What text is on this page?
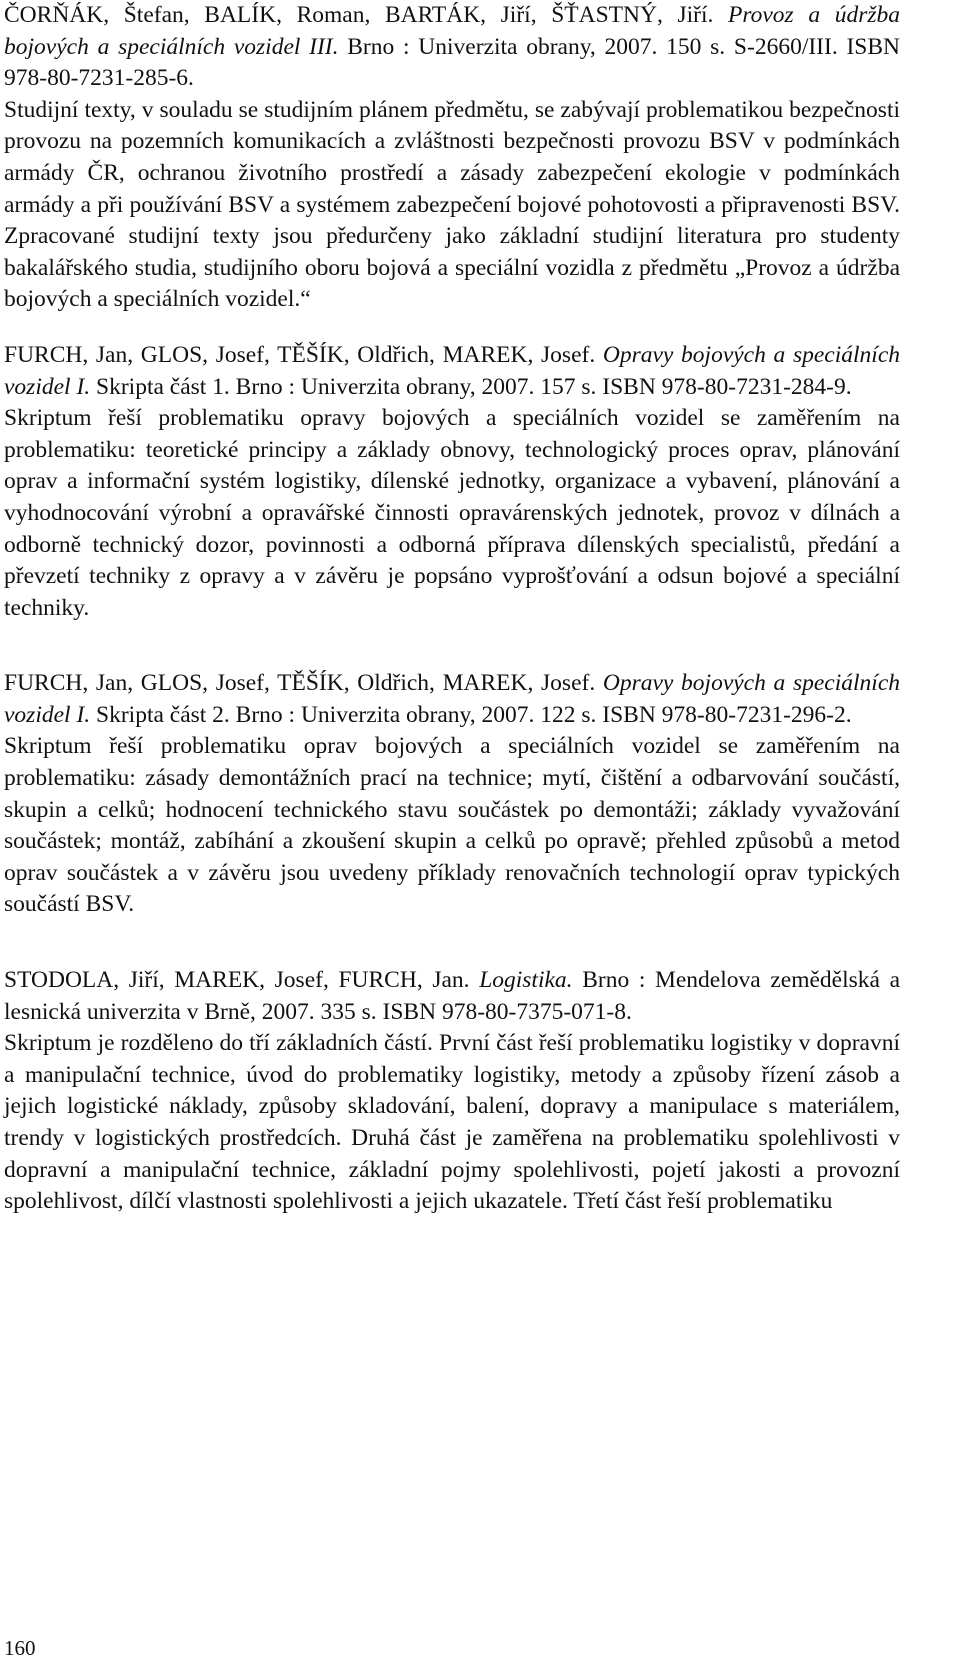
ČORŇÁK, Štefan, BALÍK, Roman, BARTÁK, Jiří, ŠŤASTNÝ, Jiří. Provoz a údržba bojových a speciálních vozidel III. Brno : Univerzita obrany, 2007. 150 s. S-2660/III. ISBN 978-80-7231-285-6.

Studijní texty, v souladu se studijním plánem předmětu, se zabývají problematikou bezpečnosti provozu na pozemních komunikacích a zvláštnosti bezpečnosti provozu BSV v podmínkách armády ČR, ochranou životního prostředí a zásady zabezpečení ekologie v podmínkách armády a při používání BSV a systémem zabezpečení bojové pohotovosti a připravenosti BSV. Zpracované studijní texty jsou předurčeny jako základní studijní literatura pro studenty bakalářského studia, studijního oboru bojová a speciální vozidla z předmětu „Provoz a údržba bojových a speciálních vozidel.“

FURCH, Jan, GLOS, Josef, TĚŠÍK, Oldřich, MAREK, Josef. Opravy bojových a speciálních vozidel I. Skripta část 1. Brno : Univerzita obrany, 2007. 157 s. ISBN 978-80-7231-284-9.

Skriptum řeší problematiku opravy bojových a speciálních vozidel se zaměřením na problematiku: teoretické principy a základy obnovy, technologický proces oprav, plánování oprav a informační systém logistiky, dílenské jednotky, organizace a vybavení, plánování a vyhodnocování výrobní a opravářské činnosti opravárenských jednotek, provoz v dílnách a odborně technický dozor, povinnosti a odborná příprava dílenských specialistů, předání a převzetí techniky z opravy a v závěru je popsáno vyprošťování a odsun bojové a speciální techniky.

FURCH, Jan, GLOS, Josef, TĚŠÍK, Oldřich, MAREK, Josef. Opravy bojových a speciálních vozidel I. Skripta část 2. Brno : Univerzita obrany, 2007. 122 s. ISBN 978-80-7231-296-2.

Skriptum řeší problematiku oprav bojových a speciálních vozidel se zaměřením na problematiku: zásady demontážních prací na technice; mytí, čištění a odbarvování součástí, skupin a celků; hodnocení technického stavu součástek po demontáži; základy vyvažování součástek; montáž, zabíhání a zkoušení skupin a celků po opravě; přehled způsobů a metod oprav součástek a v závěru jsou uvedeny příklady renovačních technologií oprav typických součástí BSV.

STODOLA, Jiří, MAREK, Josef, FURCH, Jan. Logistika. Brno : Mendelova zemědělská a lesnická univerzita v Brně, 2007. 335 s. ISBN 978-80-7375-071-8.

Skriptum je rozděleno do tří základních částí. První část řeší problematiku logistiky v dopravní a manipulační technice, úvod do problematiky logistiky, metody a způsoby řízení zásob a jejich logistické náklady, způsoby skladování, balení, dopravy a manipulace s materiálem, trendy v logistických prostředcích. Druhá část je zaměřena na problematiku spolehlivosti v dopravní a manipulační technice, základní pojmy spolehlivosti, pojetí jakosti a provozní spolehlivost, dílčí vlastnosti spolehlivosti a jejich ukazatele. Třetí část řeší problematiku

160
